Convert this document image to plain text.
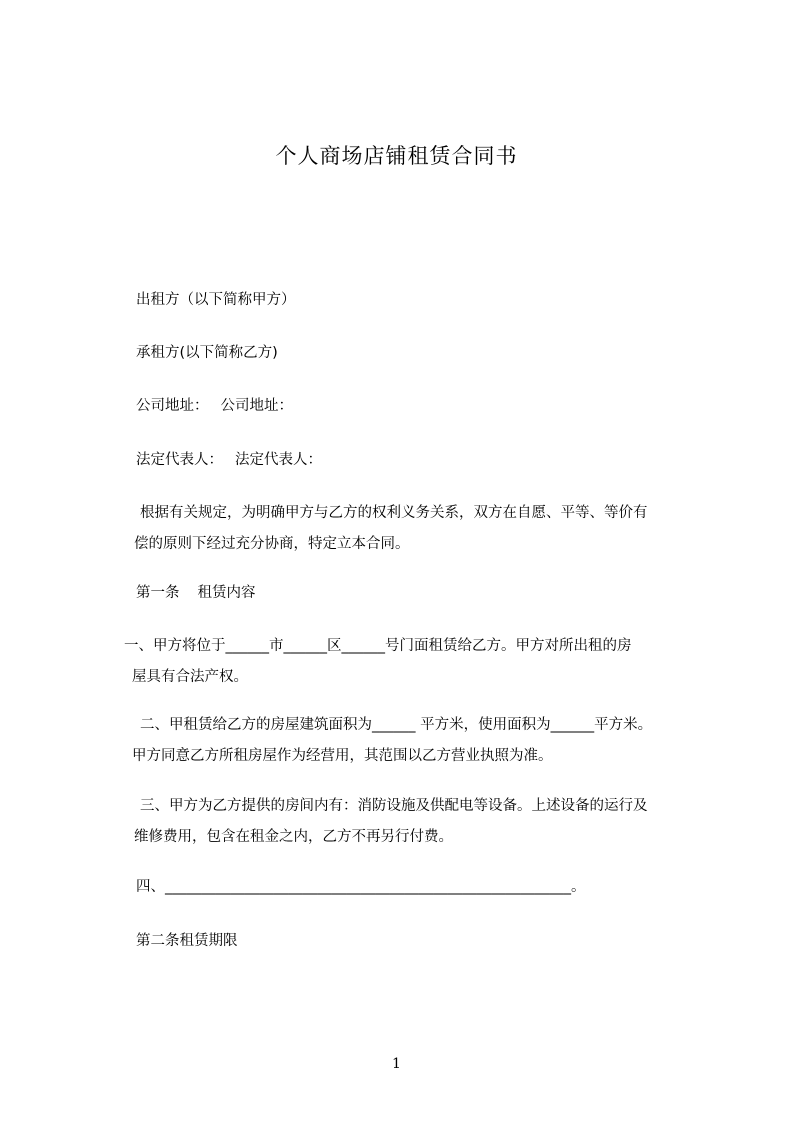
个人商场店铺租赁合同书
出租方（以下简称甲方）
承租方(以下简称乙方)
公司地址： 公司地址：
法定代表人： 法定代表人：
根据有关规定，为明确甲方与乙方的权利义务关系，双方在自愿、平等、等价有
偿的原则下经过充分协商，特定立本合同。
第一条 租赁内容
一、甲方将位于______市______区______号门面租赁给乙方。甲方对所出租的房
屋具有合法产权。
二、甲租赁给乙方的房屋建筑面积为______ 平方米，使用面积为______平方米。
甲方同意乙方所租房屋作为经营用，其范围以乙方营业执照为准。
三、甲方为乙方提供的房间内有：消防设施及供配电等设备。上述设备的运行及
维修费用，包含在租金之内，乙方不再另行付费。
四、________________________________________________________。
第二条租赁期限
1
